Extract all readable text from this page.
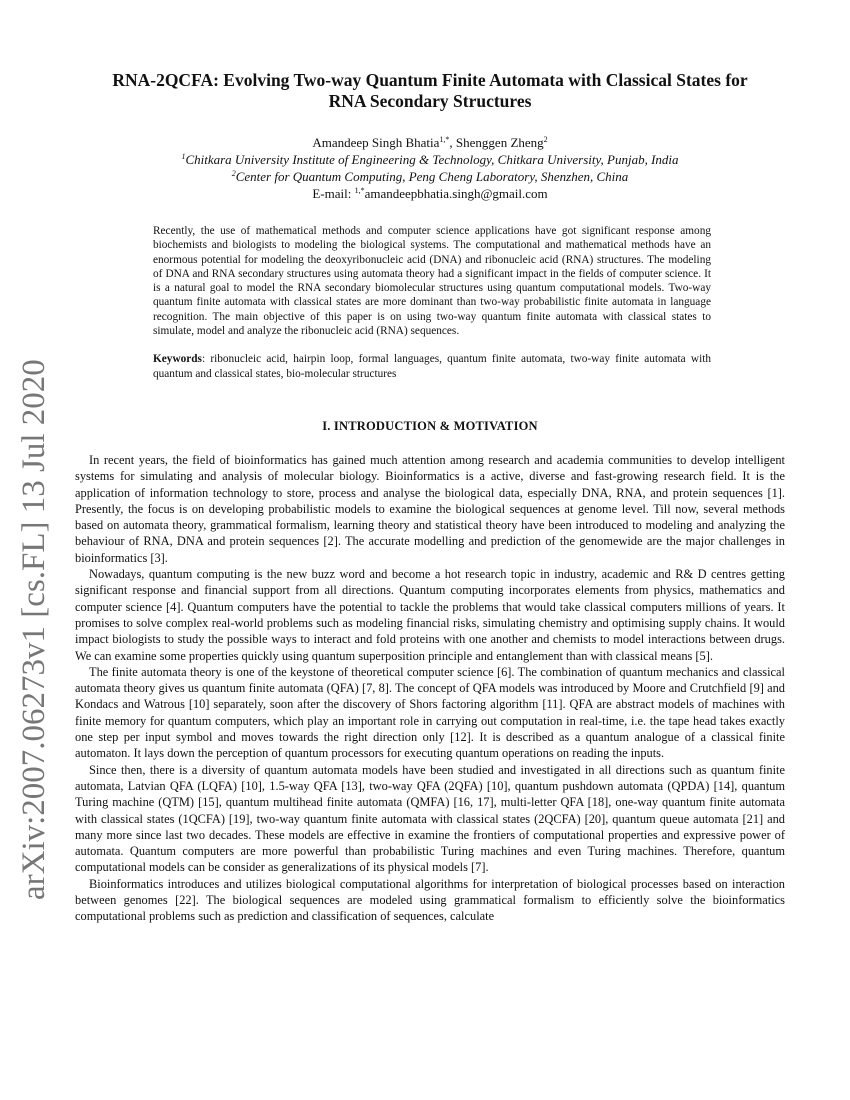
arXiv:2007.06273v1 [cs.FL] 13 Jul 2020
RNA-2QCFA: Evolving Two-way Quantum Finite Automata with Classical States for
RNA Secondary Structures
Amandeep Singh Bhatia$^{1,*}$, Shenggen Zheng$^2$
$^1$Chitkara University Institute of Engineering & Technology, Chitkara University, Punjab, India
$^2$Center for Quantum Computing, Peng Cheng Laboratory, Shenzhen, China
E-mail: $^{1,*}$amandeepbhatia.singh@gmail.com
Recently, the use of mathematical methods and computer science applications have got significant response among biochemists and biologists to modeling the biological systems. The computational and mathematical methods have an enormous potential for modeling the deoxyribonucleic acid (DNA) and ribonucleic acid (RNA) structures. The modeling of DNA and RNA secondary structures using automata theory had a significant impact in the fields of computer science. It is a natural goal to model the RNA secondary biomolecular structures using quantum computational models. Two-way quantum finite automata with classical states are more dominant than two-way probabilistic finite automata in language recognition. The main objective of this paper is on using two-way quantum finite automata with classical states to simulate, model and analyze the ribonucleic acid (RNA) sequences.
Keywords: ribonucleic acid, hairpin loop, formal languages, quantum finite automata, two-way finite automata with quantum and classical states, bio-molecular structures
I. INTRODUCTION & MOTIVATION

In recent years, the field of bioinformatics has gained much attention among research and academia communities to develop intelligent systems for simulating and analysis of molecular biology. Bioinformatics is a active, diverse and fast-growing research field. It is the application of information technology to store, process and analyse the biological data, especially DNA, RNA, and protein sequences [1]. Presently, the focus is on developing probabilistic models to examine the biological sequences at genome level. Till now, several methods based on automata theory, grammatical formalism, learning theory and statistical theory have been introduced to modeling and analyzing the behaviour of RNA, DNA and protein sequences [2]. The accurate modelling and prediction of the genomewide are the major challenges in bioinformatics [3].

Nowadays, quantum computing is the new buzz word and become a hot research topic in industry, academic and R& D centres getting significant response and financial support from all directions. Quantum computing incorporates elements from physics, mathematics and computer science [4]. Quantum computers have the potential to tackle the problems that would take classical computers millions of years. It promises to solve complex real-world problems such as modeling financial risks, simulating chemistry and optimising supply chains. It would impact biologists to study the possible ways to interact and fold proteins with one another and chemists to model interactions between drugs. We can examine some properties quickly using quantum superposition principle and entanglement than with classical means [5].

The finite automata theory is one of the keystone of theoretical computer science [6]. The combination of quantum mechanics and classical automata theory gives us quantum finite automata (QFA) [7, 8]. The concept of QFA models was introduced by Moore and Crutchfield [9] and Kondacs and Watrous [10] separately, soon after the discovery of Shors factoring algorithm [11]. QFA are abstract models of machines with finite memory for quantum computers, which play an important role in carrying out computation in real-time, i.e. the tape head takes exactly one step per input symbol and moves towards the right direction only [12]. It is described as a quantum analogue of a classical finite automaton. It lays down the perception of quantum processors for executing quantum operations on reading the inputs.

Since then, there is a diversity of quantum automata models have been studied and investigated in all directions such as quantum finite automata, Latvian QFA (LQFA) [10], 1.5-way QFA [13], two-way QFA (2QFA) [10], quantum pushdown automata (QPDA) [14], quantum Turing machine (QTM) [15], quantum multihead finite automata (QMFA) [16, 17], multi-letter QFA [18], one-way quantum finite automata with classical states (1QCFA) [19], two-way quantum finite automata with classical states (2QCFA) [20], quantum queue automata [21] and many more since last two decades. These models are effective in examine the frontiers of computational properties and expressive power of automata. Quantum computers are more powerful than probabilistic Turing machines and even Turing machines. Therefore, quantum computational models can be consider as generalizations of its physical models [7].

Bioinformatics introduces and utilizes biological computational algorithms for interpretation of biological processes based on interaction between genomes [22]. The biological sequences are modeled using grammatical formalism to efficiently solve the bioinformatics computational problems such as prediction and classification of sequences, calculate
